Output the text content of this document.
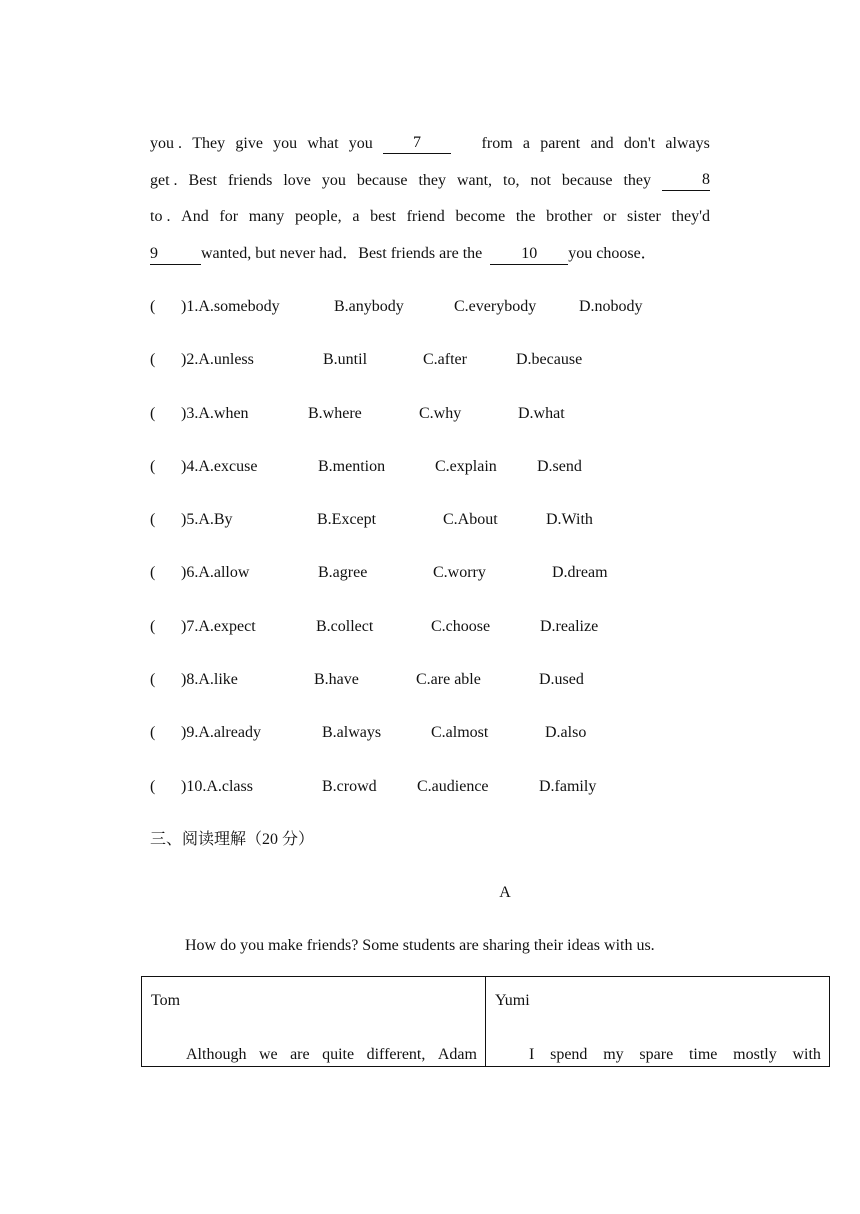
you . They give you what you	7	from a parent and don't always
get . Best friends love you because they want, to, not because they	8
to . And for many people, a best friend become the brother or sister they'd
9	wanted, but never had．Best friends are the 10 you choose．
( )1.A.somebody	B.anybody	C.everybody	D.nobody
( )2.A.unless	B.until	C.after	D.because
( )3.A.when	B.where	C.why	D.what
( )4.A.excuse	B.mention	C.explain	D.send
( )5.A.By	B.Except	C.About	D.With
( )6.A.allow	B.agree	C.worry	D.dream
( )7.A.expect	B.collect	C.choose	D.realize
( )8.A.like	B.have	C.are able	D.used
( )9.A.already	B.always	C.almost	D.also
( )10.A.class	B.crowd	C.audience	D.family
三、阅读理解（20 分）
A
How do you make friends? Some students are sharing their ideas with us.
Tom
Although we are quite different, Adam
Yumi
I spend my spare time mostly with
